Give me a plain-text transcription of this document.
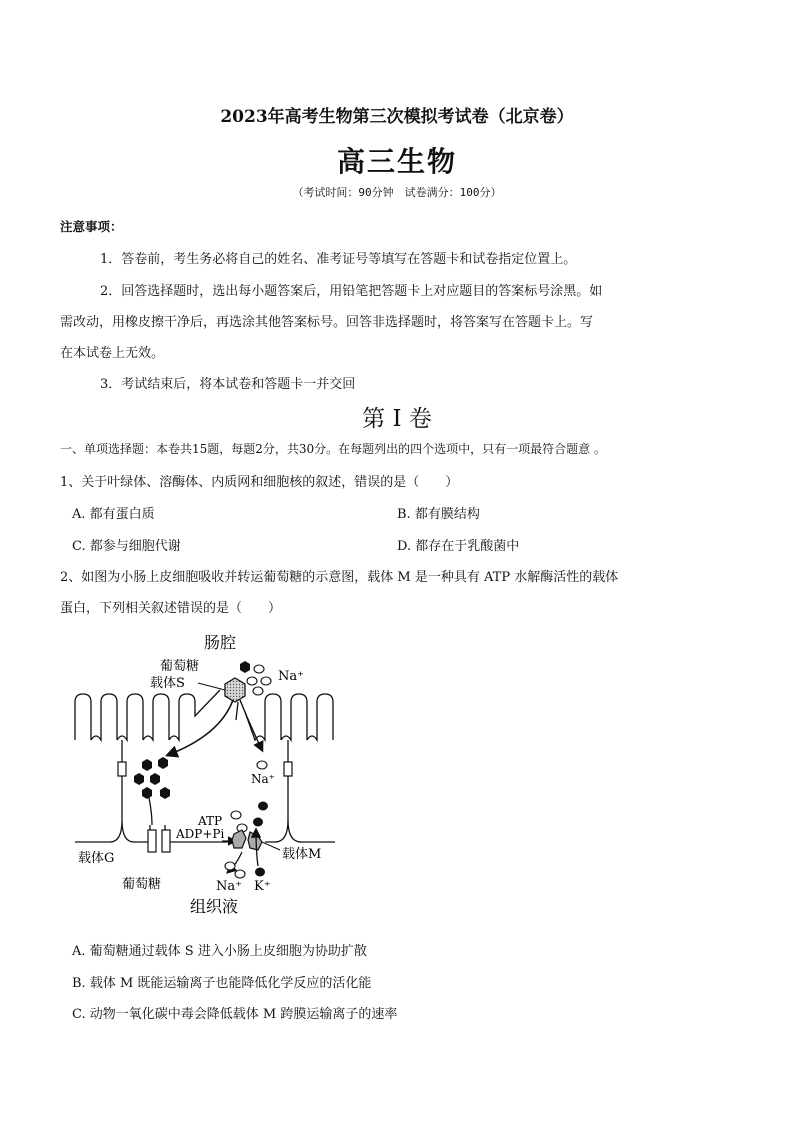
2023年高考生物第三次模拟考试卷（北京卷）
高三生物
（考试时间：90分钟　试卷满分：100分）
注意事项：
1．答卷前，考生务必将自己的姓名、准考证号等填写在答题卡和试卷指定位置上。
2．回答选择题时，选出每小题答案后，用铅笔把答题卡上对应题目的答案标号涂黑。如
需改动，用橡皮擦干净后，再选涂其他答案标号。回答非选择题时，将答案写在答题卡上。写
在本试卷上无效。
3．考试结束后，将本试卷和答题卡一并交回
第 I 卷
一、单项选择题：本卷共15题，每题2分，共30分。在每题列出的四个选项中，只有一项最符合题意 。
1、关于叶绿体、溶酶体、内质网和细胞核的叙述，错误的是（　　）
A. 都有蛋白质	B. 都有膜结构
C. 都参与细胞代谢	D. 都存在于乳酸菌中
2、如图为小肠上皮细胞吸收并转运葡萄糖的示意图，载体 M 是一种具有 ATP 水解酶活性的载体
蛋白，下列相关叙述错误的是（　　）
肠腔
葡萄糖
载体S	Na⁺
Na⁺
载体G
葡萄糖
ATP
ADP+Pi
载体M
Na⁺ K⁺
组织液
A. 葡萄糖通过载体 S 进入小肠上皮细胞为协助扩散
B. 载体 M 既能运输离子也能降低化学反应的活化能
C. 动物一氧化碳中毒会降低载体 M 跨膜运输离子的速率
